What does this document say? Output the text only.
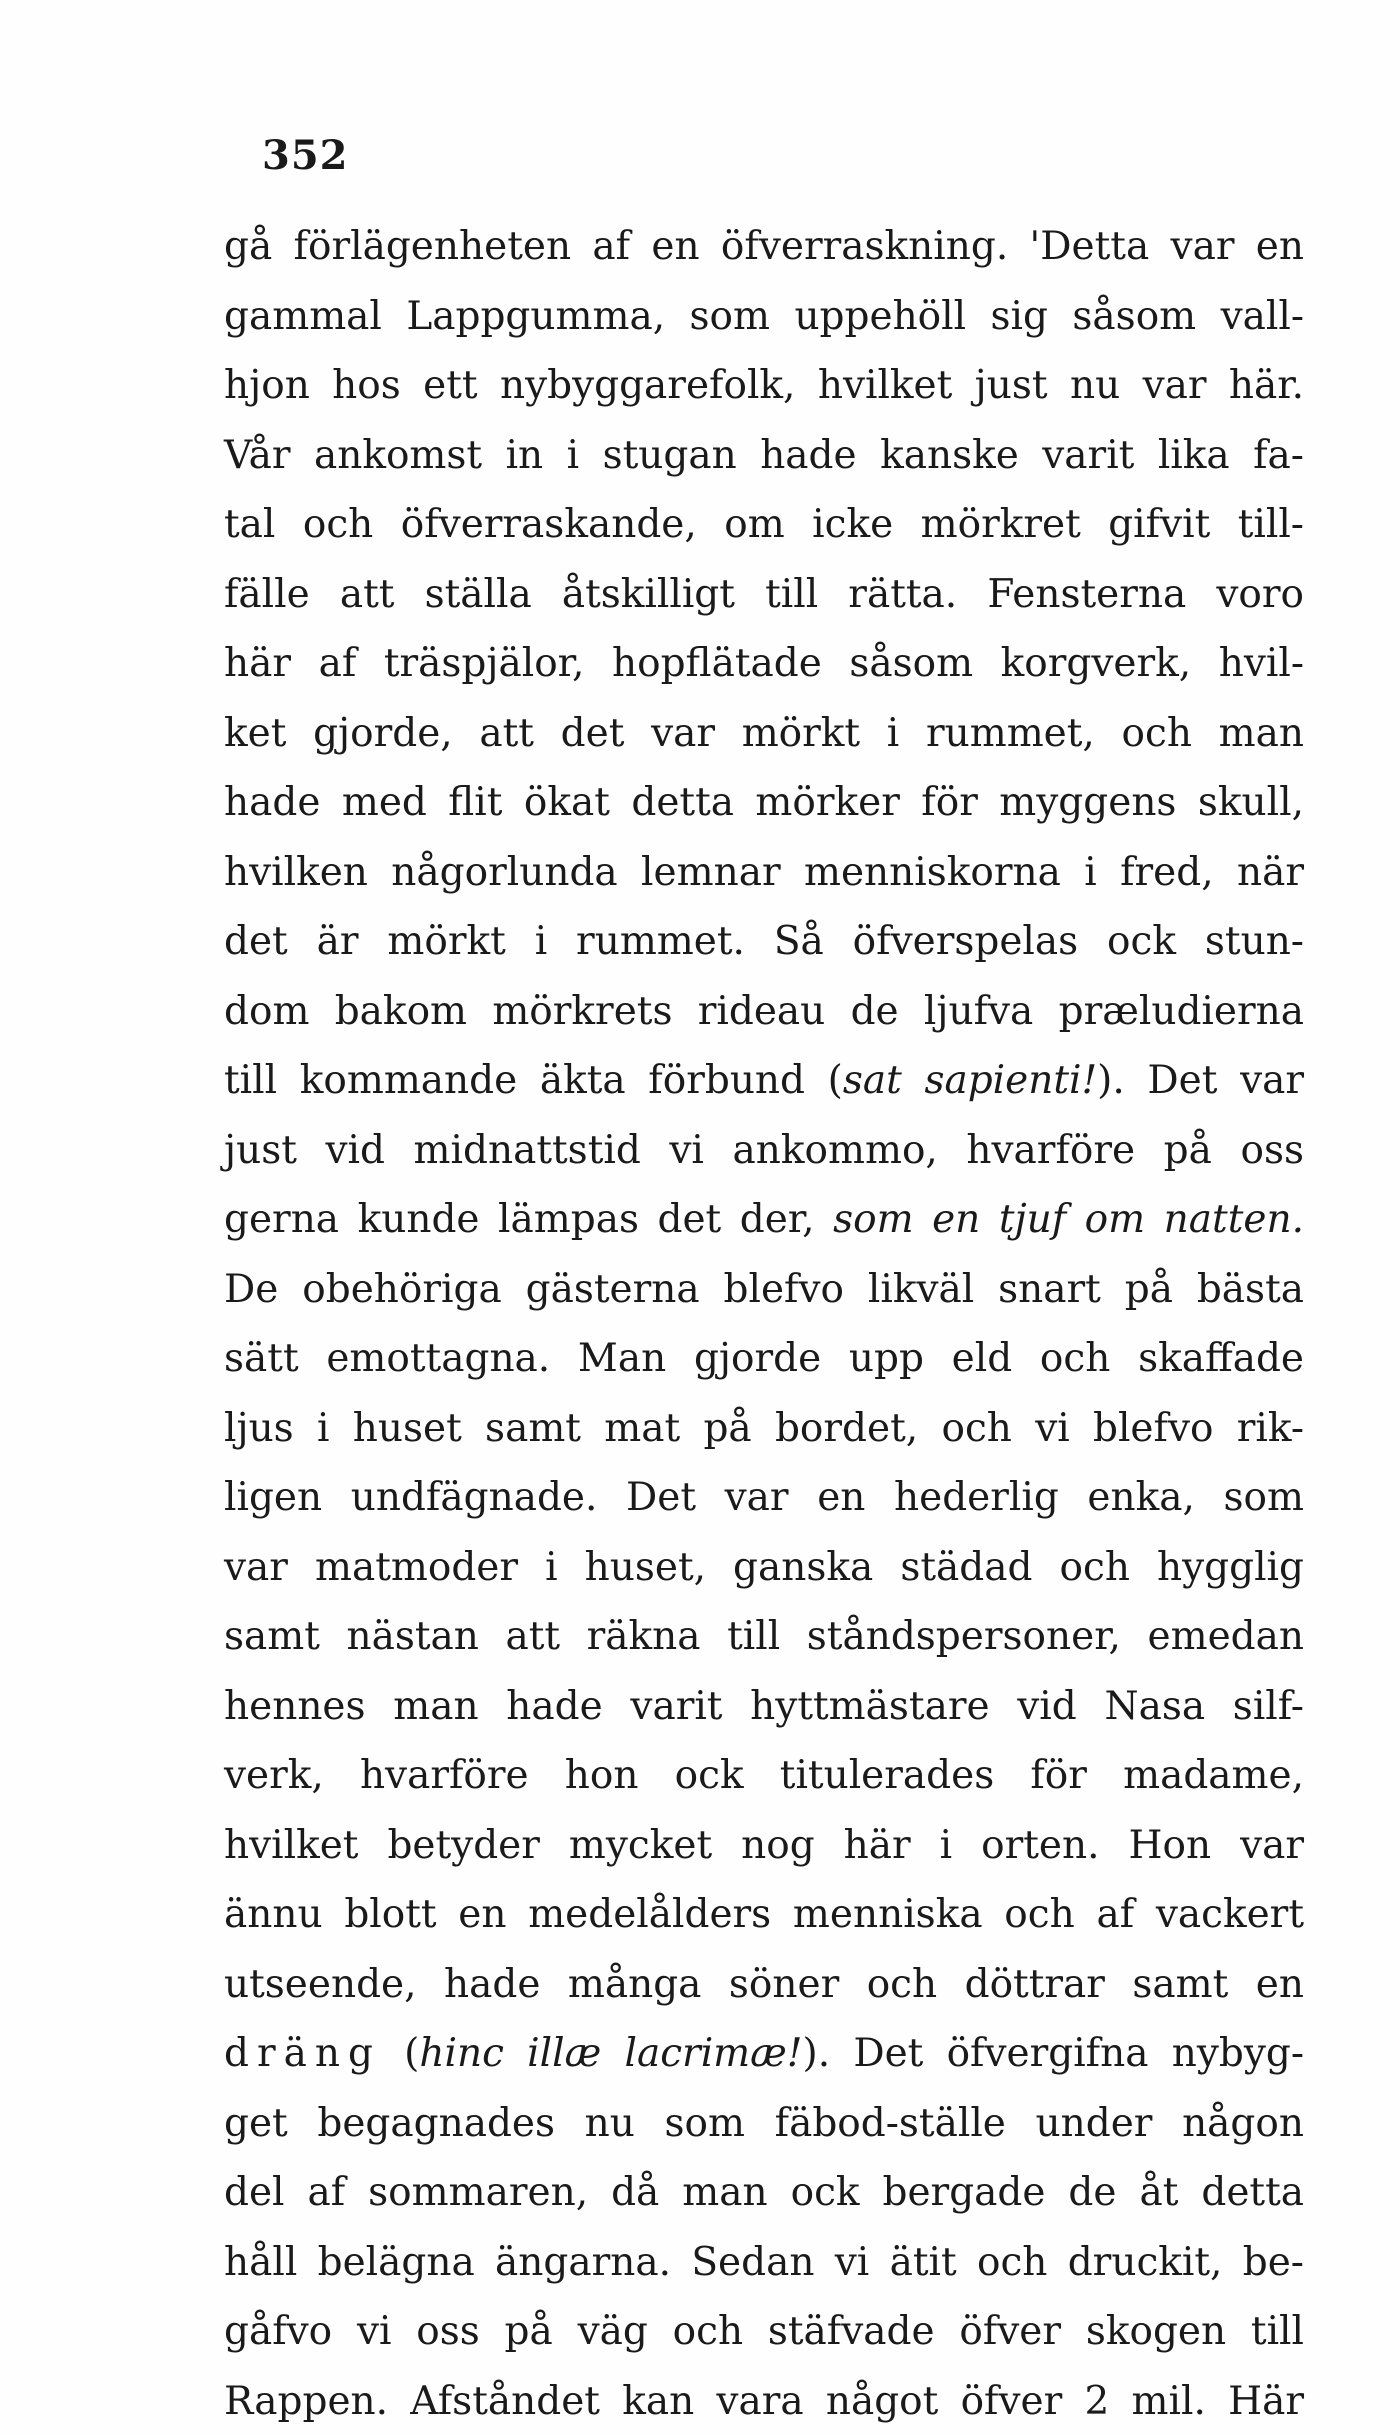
352
gå förlägenheten af en öfverraskning. 'Detta var en
gammal Lappgumma, som uppehöll sig såsom vall-
hjon hos ett nybyggarefolk, hvilket just nu var här.
Vår ankomst in i stugan hade kanske varit lika fa-
tal och öfverraskande, om icke mörkret gifvit till-
fälle att ställa åtskilligt till rätta. Fensterna voro
här af träspjälor, hopflätade såsom korgverk, hvil-
ket gjorde, att det var mörkt i rummet, och man
hade med flit ökat detta mörker för myggens skull,
hvilken någorlunda lemnar menniskorna i fred, när
det är mörkt i rummet. Så öfverspelas ock stun-
dom bakom mörkrets rideau de ljufva præludierna
till kommande äkta förbund (sat sapienti!). Det var
just vid midnattstid vi ankommo, hvarföre på oss
gerna kunde lämpas det der, som en tjuf om natten.
De obehöriga gästerna blefvo likväl snart på bästa
sätt emottagna. Man gjorde upp eld och skaffade
ljus i huset samt mat på bordet, och vi blefvo rik-
ligen undfägnade. Det var en hederlig enka, som
var matmoder i huset, ganska städad och hygglig
samt nästan att räkna till ståndspersoner, emedan
hennes man hade varit hyttmästare vid Nasa silf-
verk, hvarföre hon ock titulerades för madame,
hvilket betyder mycket nog här i orten. Hon var
ännu blott en medelålders menniska och af vackert
utseende, hade många söner och döttrar samt en
dräng (hinc illæ lacrimæ!). Det öfvergifna nybyg-
get begagnades nu som fäbod-ställe under någon
del af sommaren, då man ock bergade de åt detta
håll belägna ängarna. Sedan vi ätit och druckit, be-
gåfvo vi oss på väg och stäfvade öfver skogen till
Rappen. Afståndet kan vara något öfver 2 mil. Här
